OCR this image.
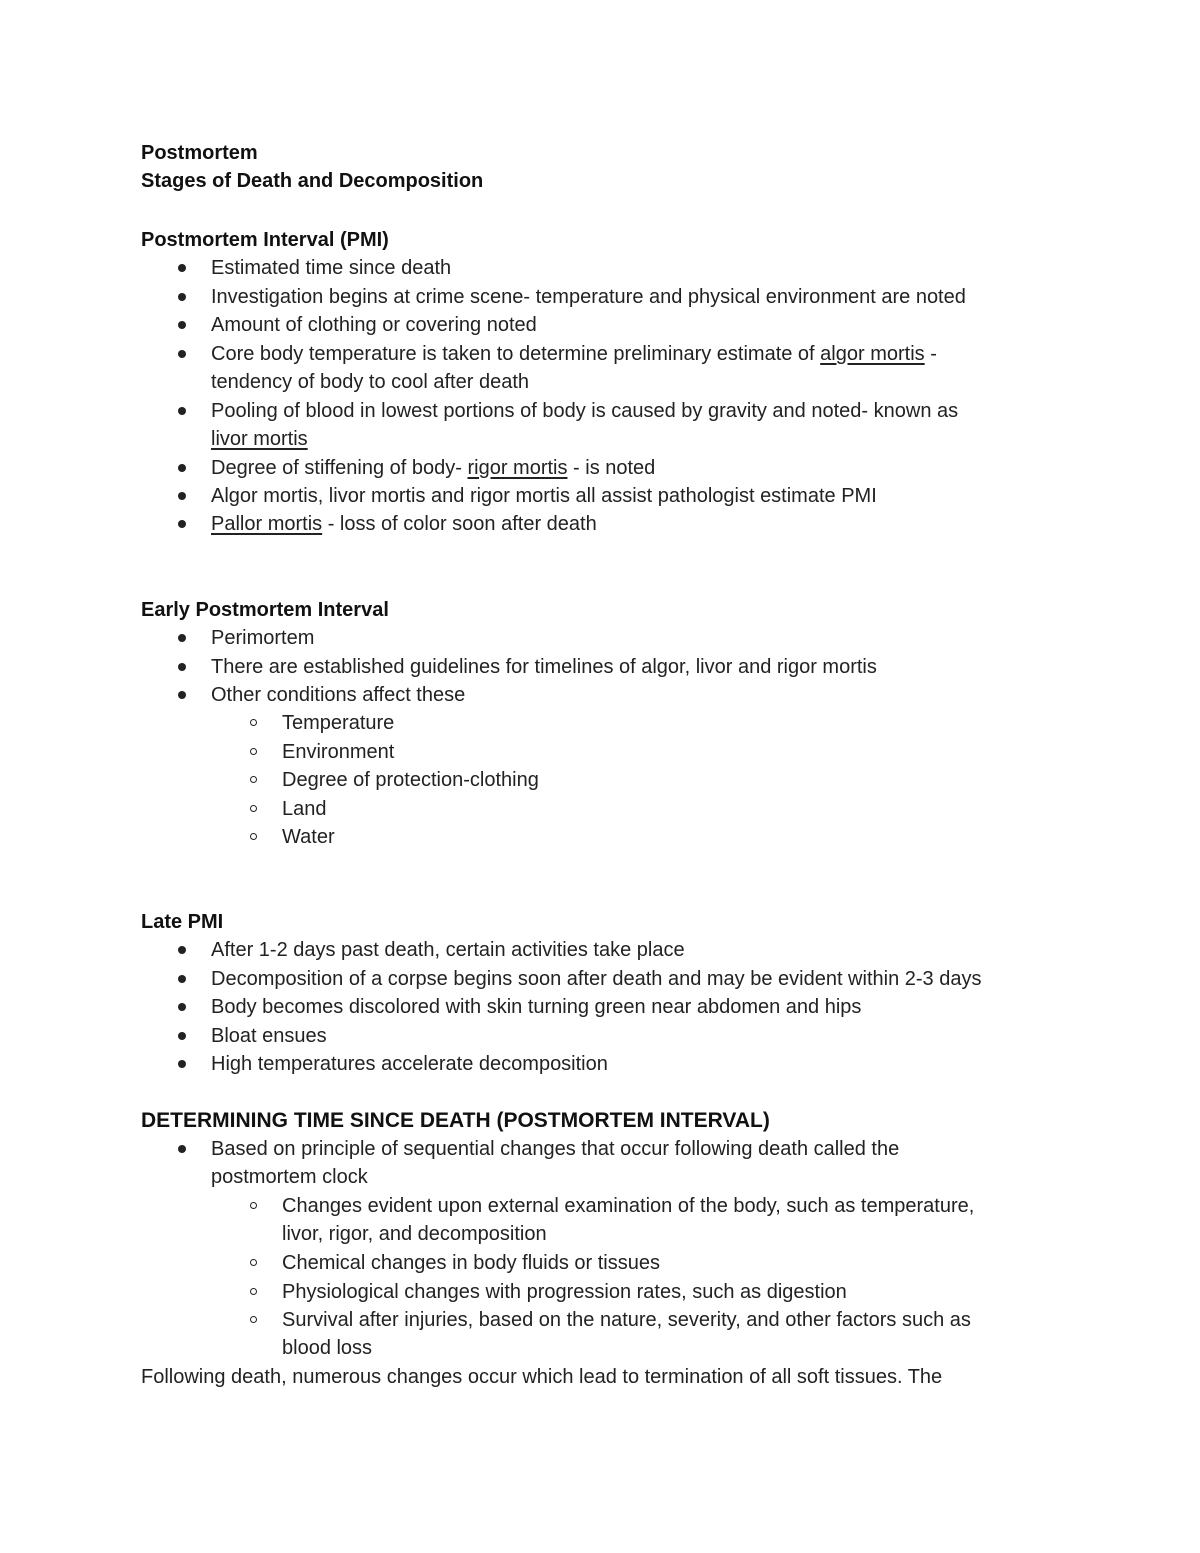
Postmortem
Stages of Death and Decomposition
Postmortem Interval (PMI)
Estimated time since death
Investigation begins at crime scene- temperature and physical environment are noted
Amount of clothing or covering noted
Core body temperature is taken to determine preliminary estimate of algor mortis -
tendency of body to cool after death
Pooling of blood in lowest portions of body is caused by gravity and noted- known as
livor mortis
Degree of stiffening of body- rigor mortis - is noted
Algor mortis, livor mortis and rigor mortis all assist pathologist estimate PMI
Pallor mortis - loss of color soon after death
Early Postmortem Interval
Perimortem
There are established guidelines for timelines of algor, livor and rigor mortis
Other conditions affect these
Temperature
Environment
Degree of protection-clothing
Land
Water
Late PMI
After 1-2 days past death, certain activities take place
Decomposition of a corpse begins soon after death and may be evident within 2-3 days
Body becomes discolored with skin turning green near abdomen and hips
Bloat ensues
High temperatures accelerate decomposition
DETERMINING TIME SINCE DEATH (POSTMORTEM INTERVAL)
Based on principle of sequential changes that occur following death called the
postmortem clock
Changes evident upon external examination of the body, such as temperature,
livor, rigor, and decomposition
Chemical changes in body fluids or tissues
Physiological changes with progression rates, such as digestion
Survival after injuries, based on the nature, severity, and other factors such as
blood loss
Following death, numerous changes occur which lead to termination of all soft tissues. The
